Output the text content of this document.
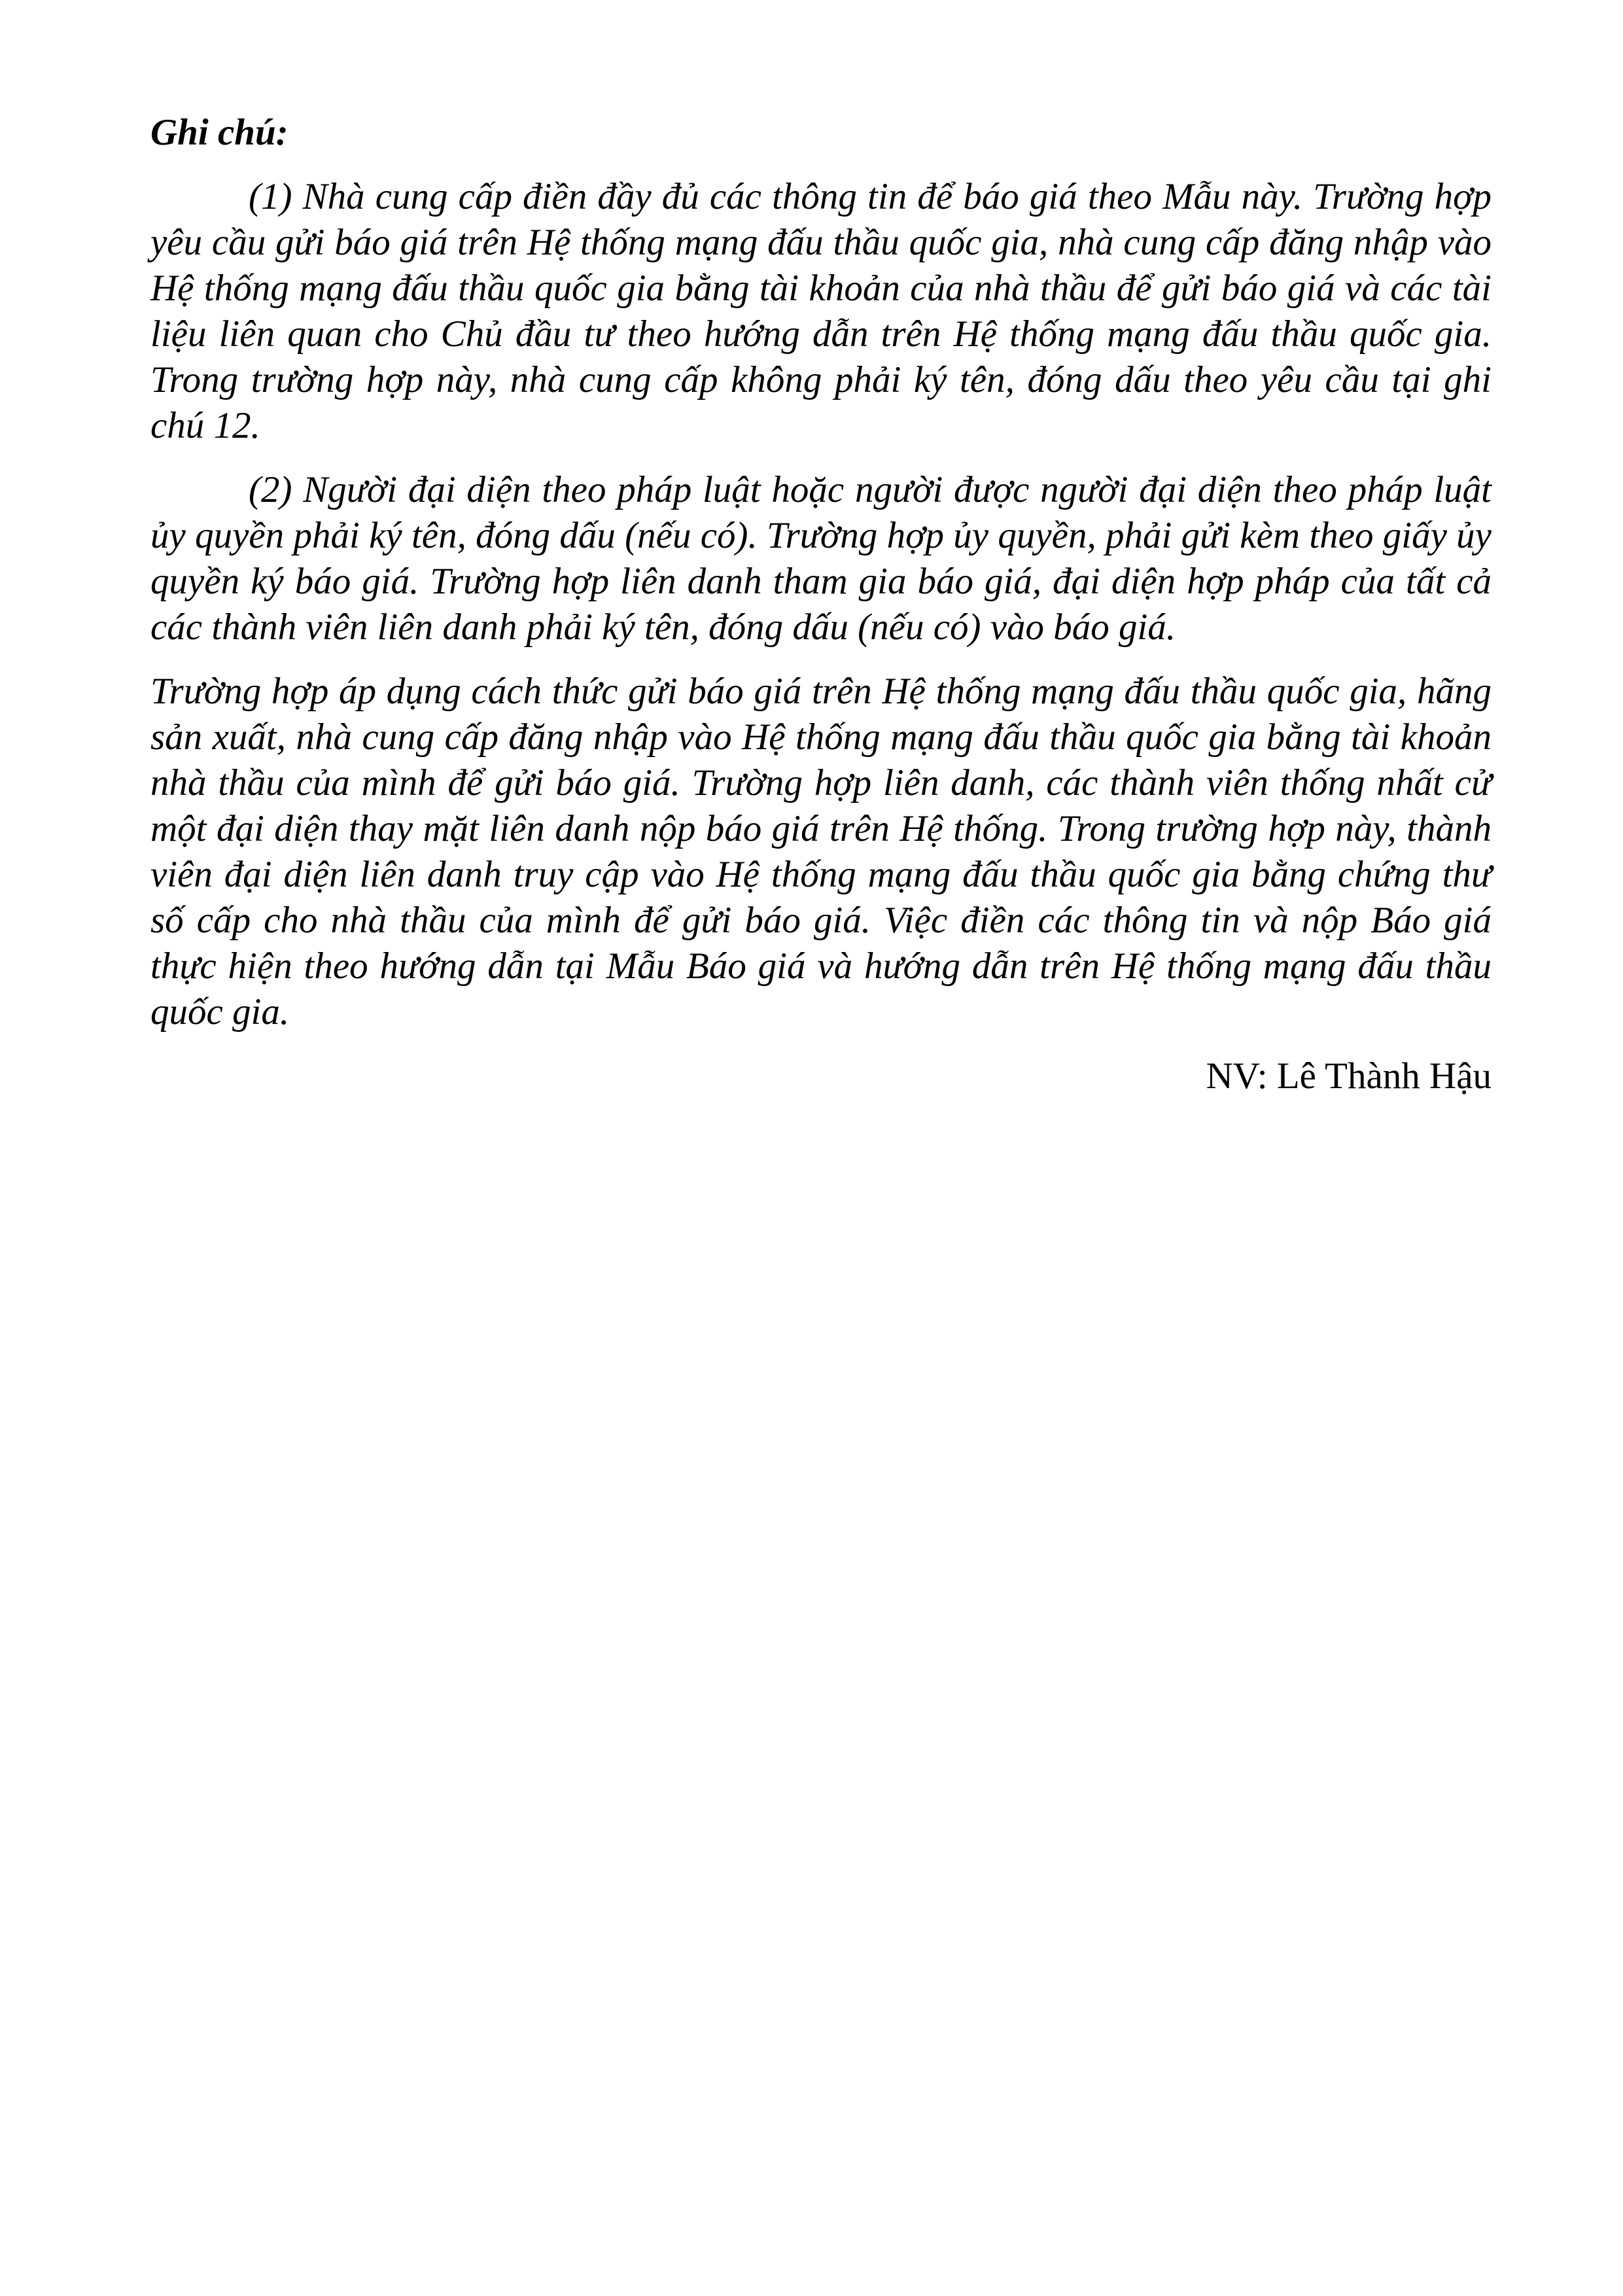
Ghi chú:

(1) Nhà cung cấp điền đầy đủ các thông tin để báo giá theo Mẫu này. Trường hợp yêu cầu gửi báo giá trên Hệ thống mạng đấu thầu quốc gia, nhà cung cấp đăng nhập vào Hệ thống mạng đấu thầu quốc gia bằng tài khoản của nhà thầu để gửi báo giá và các tài liệu liên quan cho Chủ đầu tư theo hướng dẫn trên Hệ thống mạng đấu thầu quốc gia. Trong trường hợp này, nhà cung cấp không phải ký tên, đóng dấu theo yêu cầu tại ghi chú 12.

(2) Người đại diện theo pháp luật hoặc người được người đại diện theo pháp luật ủy quyền phải ký tên, đóng dấu (nếu có). Trường hợp ủy quyền, phải gửi kèm theo giấy ủy quyền ký báo giá. Trường hợp liên danh tham gia báo giá, đại diện hợp pháp của tất cả các thành viên liên danh phải ký tên, đóng dấu (nếu có) vào báo giá.

Trường hợp áp dụng cách thức gửi báo giá trên Hệ thống mạng đấu thầu quốc gia, hãng sản xuất, nhà cung cấp đăng nhập vào Hệ thống mạng đấu thầu quốc gia bằng tài khoản nhà thầu của mình để gửi báo giá. Trường hợp liên danh, các thành viên thống nhất cử một đại diện thay mặt liên danh nộp báo giá trên Hệ thống. Trong trường hợp này, thành viên đại diện liên danh truy cập vào Hệ thống mạng đấu thầu quốc gia bằng chứng thư số cấp cho nhà thầu của mình để gửi báo giá. Việc điền các thông tin và nộp Báo giá thực hiện theo hướng dẫn tại Mẫu Báo giá và hướng dẫn trên Hệ thống mạng đấu thầu quốc gia.

NV: Lê Thành Hậu
